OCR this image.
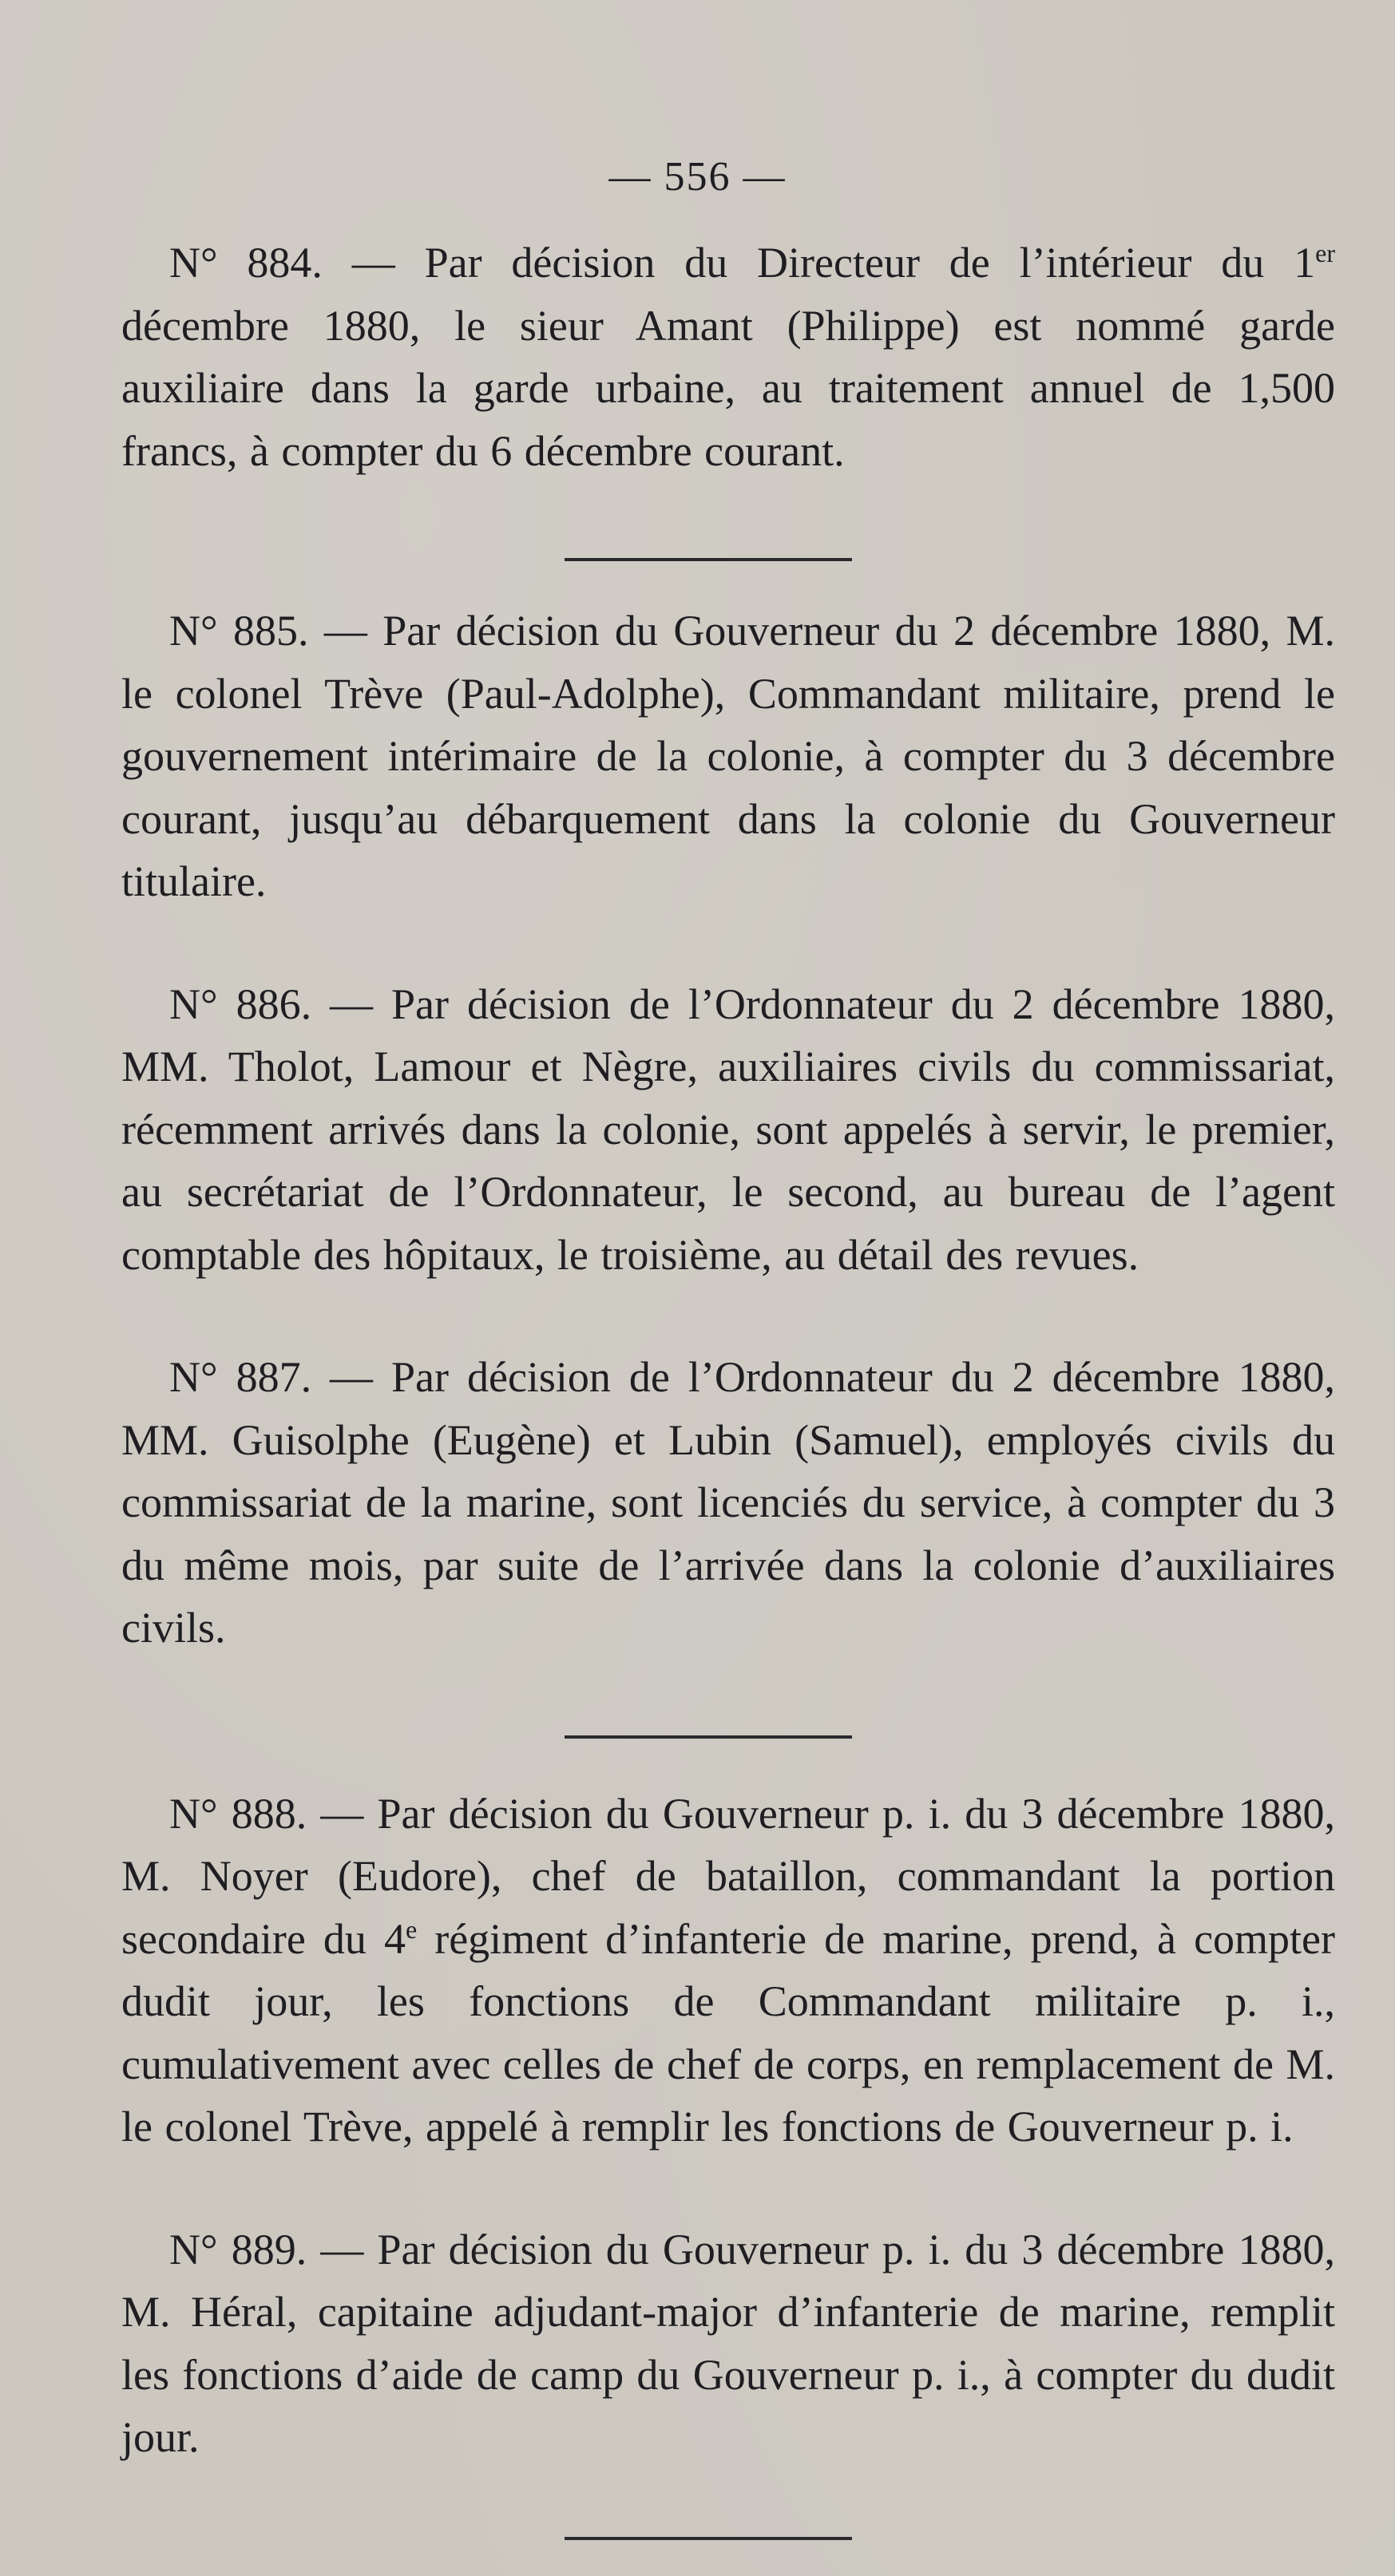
— 556 —

N° 884. — Par décision du Directeur de l’intérieur du 1er décembre 1880, le sieur Amant (Philippe) est nommé garde auxiliaire dans la garde urbaine, au traitement annuel de 1,500 francs, à compter du 6 décembre courant.

N° 885. — Par décision du Gouverneur du 2 décembre 1880, M. le colonel Trève (Paul-Adolphe), Commandant militaire, prend le gouvernement intérimaire de la colonie, à compter du 3 décembre courant, jusqu’au débarquement dans la colonie du Gouverneur titulaire.

N° 886. — Par décision de l’Ordonnateur du 2 décembre 1880, MM. Tholot, Lamour et Nègre, auxiliaires civils du commissariat, récemment arrivés dans la colonie, sont appelés à servir, le premier, au secrétariat de l’Ordonnateur, le second, au bureau de l’agent comptable des hôpitaux, le troisième, au détail des revues.

N° 887. — Par décision de l’Ordonnateur du 2 décembre 1880, MM. Guisolphe (Eugène) et Lubin (Samuel), employés civils du commissariat de la marine, sont licenciés du service, à compter du 3 du même mois, par suite de l’arrivée dans la colonie d’auxiliaires civils.

N° 888. — Par décision du Gouverneur p. i. du 3 décembre 1880, M. Noyer (Eudore), chef de bataillon, commandant la portion secondaire du 4e régiment d’infanterie de marine, prend, à compter dudit jour, les fonctions de Commandant militaire p. i., cumulativement avec celles de chef de corps, en remplacement de M. le colonel Trève, appelé à remplir les fonctions de Gouverneur p. i.

N° 889. — Par décision du Gouverneur p. i. du 3 décembre 1880, M. Héral, capitaine adjudant-major d’infanterie de marine, remplit les fonctions d’aide de camp du Gouverneur p. i., à compter du dudit jour.
